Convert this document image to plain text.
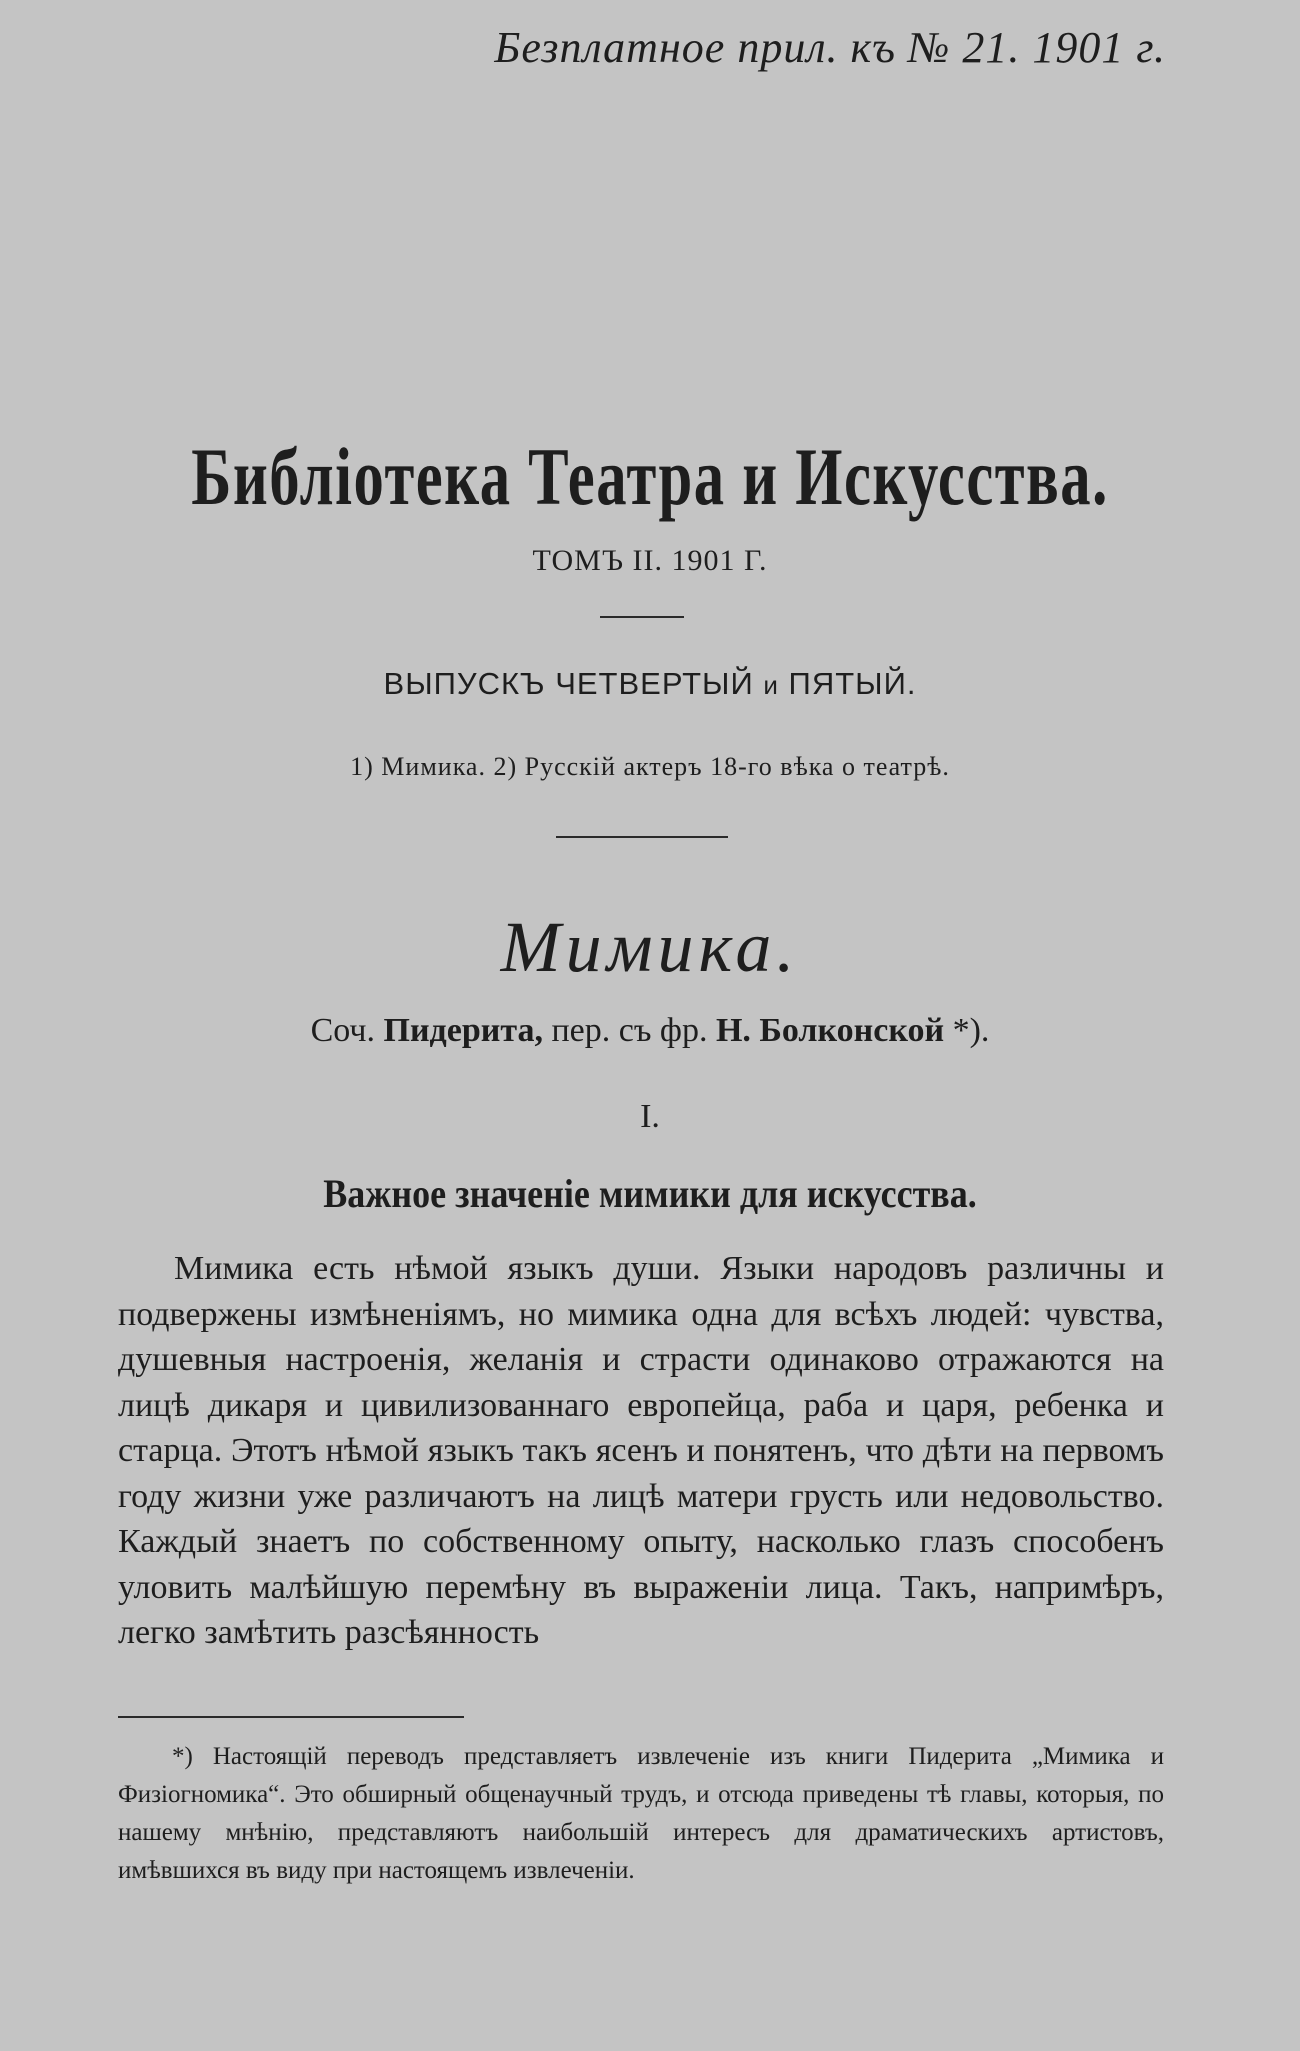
Безплатное прил. къ № 21. 1901 г.
Библіотека Театра и Искусства.
ТОМЪ II. 1901 Г.
ВЫПУСКЪ ЧЕТВЕРТЫЙ и ПЯТЫЙ.
1) Мимика. 2) Русскій актеръ 18-го вѣка о театрѣ.
Мимика.
Соч. Пидерита, пер. съ фр. Н. Болконской *).
I.
Важное значеніе мимики для искусства.

Мимика есть нѣмой языкъ души. Языки народовъ различны и подвержены измѣненіямъ, но мимика одна для всѣхъ людей: чувства, душевныя настроенія, желанія и страсти одинаково отражаются на лицѣ дикаря и цивилизованнаго европейца, раба и царя, ребенка и старца. Этотъ нѣмой языкъ такъ ясенъ и понятенъ, что дѣти на первомъ году жизни уже различаютъ на лицѣ матери грусть или недовольство. Каждый знаетъ по собственному опыту, насколько глазъ способенъ уловить малѣйшую перемѣну въ выраженіи лица. Такъ, напримѣръ, легко замѣтить разсѣянность

*) Настоящій переводъ представляетъ извлеченіе изъ книги Пидерита „Мимика и Физіогномика“. Это обширный общенаучный трудъ, и отсюда приведены тѣ главы, которыя, по нашему мнѣнію, представляютъ наибольшій интересъ для драматическихъ артистовъ, имѣвшихся въ виду при настоящемъ извлеченіи.
